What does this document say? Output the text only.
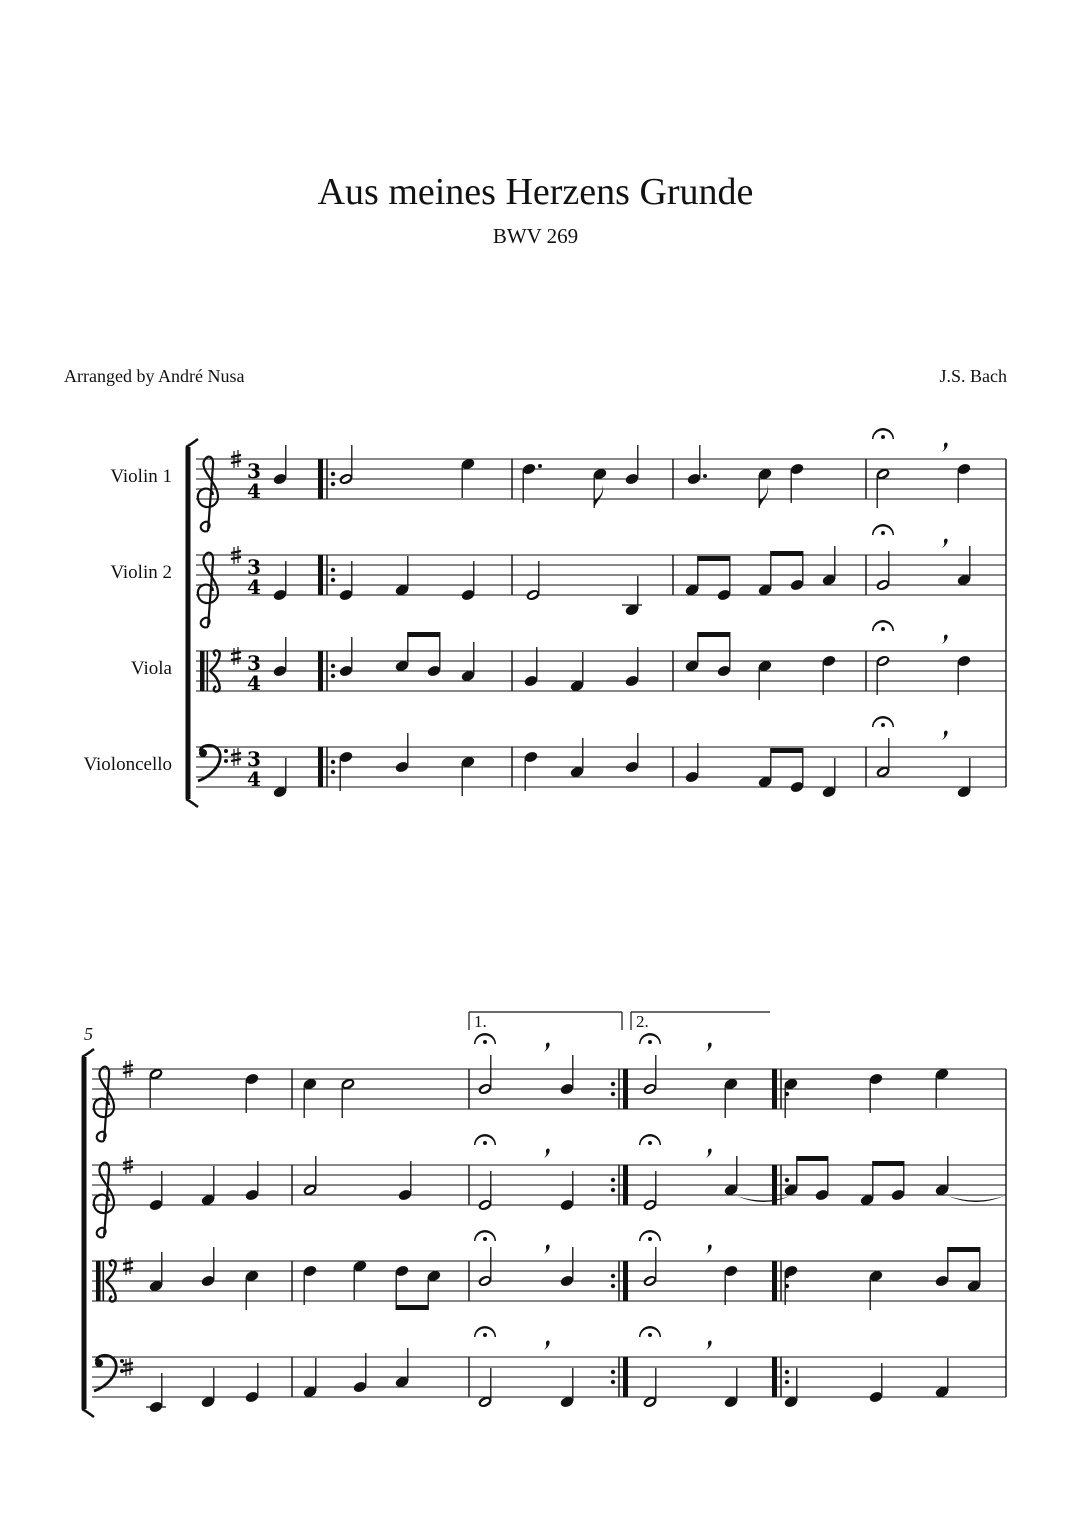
Aus meines Herzens Grunde
BWV 269
Arranged by André Nusa	J.S. Bach
Violin 1
Violin 2
Viola
Violoncello
5
1.	2.
3
4
3
4
3
4
3
4
